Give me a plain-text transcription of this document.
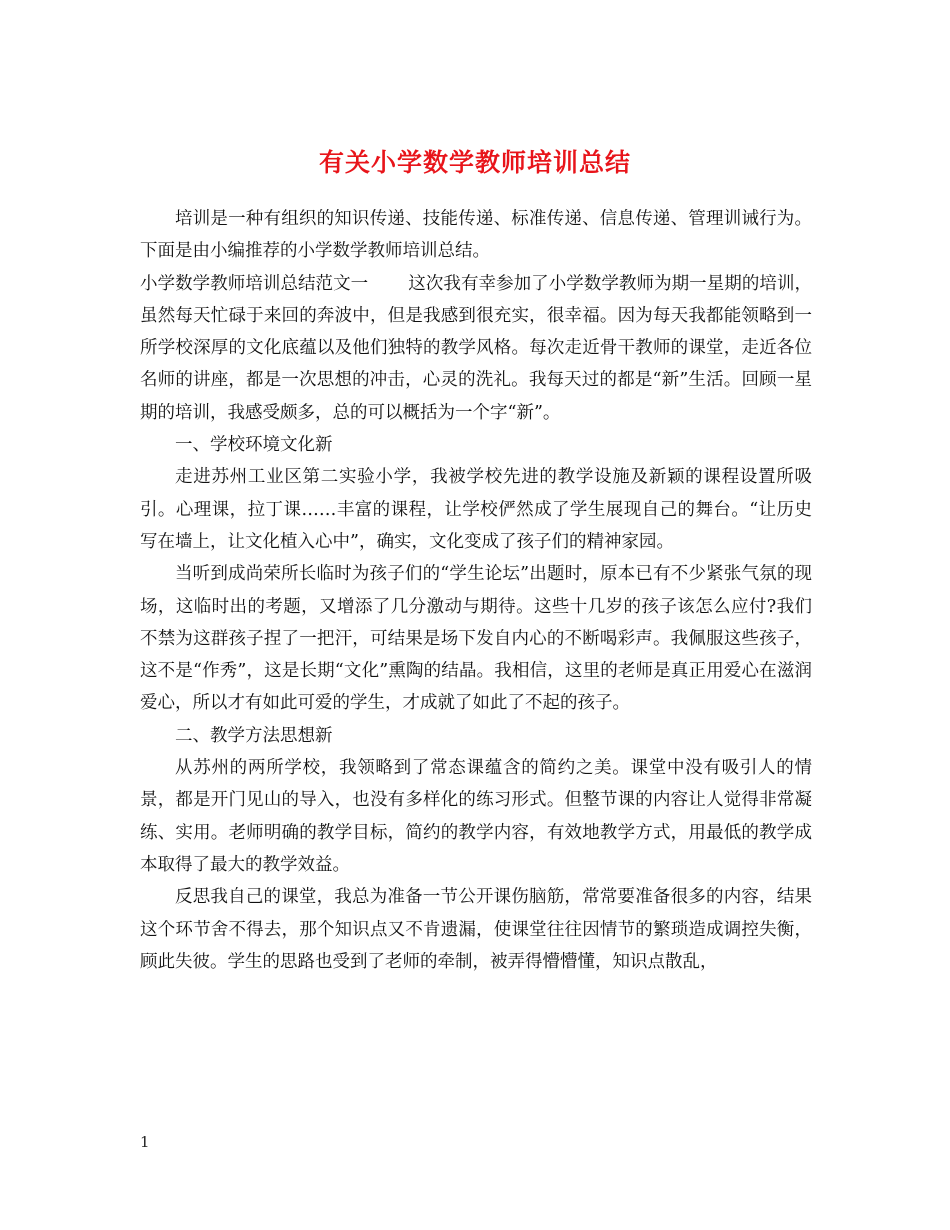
有关小学数学教师培训总结

培训是一种有组织的知识传递、技能传递、标准传递、信息传递、管理训诫行为。下面是由小编推荐的小学数学教师培训总结。

小学数学教师培训总结范文一 这次我有幸参加了小学数学教师为期一星期的培训，虽然每天忙碌于来回的奔波中，但是我感到很充实，很幸福。因为每天我都能领略到一所学校深厚的文化底蕴以及他们独特的教学风格。每次走近骨干教师的课堂，走近各位名师的讲座，都是一次思想的冲击，心灵的洗礼。我每天过的都是“新”生活。回顾一星期的培训，我感受颇多，总的可以概括为一个字“新”。

一、学校环境文化新

走进苏州工业区第二实验小学，我被学校先进的教学设施及新颖的课程设置所吸引。心理课，拉丁课……丰富的课程，让学校俨然成了学生展现自己的舞台。“让历史写在墙上，让文化植入心中”，确实，文化变成了孩子们的精神家园。

当听到成尚荣所长临时为孩子们的“学生论坛”出题时，原本已有不少紧张气氛的现场，这临时出的考题，又增添了几分激动与期待。这些十几岁的孩子该怎么应付?我们不禁为这群孩子捏了一把汗，可结果是场下发自内心的不断喝彩声。我佩服这些孩子，这不是“作秀”，这是长期“文化”熏陶的结晶。我相信，这里的老师是真正用爱心在滋润爱心，所以才有如此可爱的学生，才成就了如此了不起的孩子。

二、教学方法思想新

从苏州的两所学校，我领略到了常态课蕴含的简约之美。课堂中没有吸引人的情景，都是开门见山的导入，也没有多样化的练习形式。但整节课的内容让人觉得非常凝练、实用。老师明确的教学目标，简约的教学内容，有效地教学方式，用最低的教学成本取得了最大的教学效益。

反思我自己的课堂，我总为准备一节公开课伤脑筋，常常要准备很多的内容，结果这个环节舍不得去，那个知识点又不肯遗漏，使课堂往往因情节的繁琐造成调控失衡，顾此失彼。学生的思路也受到了老师的牵制，被弄得懵懵懂，知识点散乱，

1
